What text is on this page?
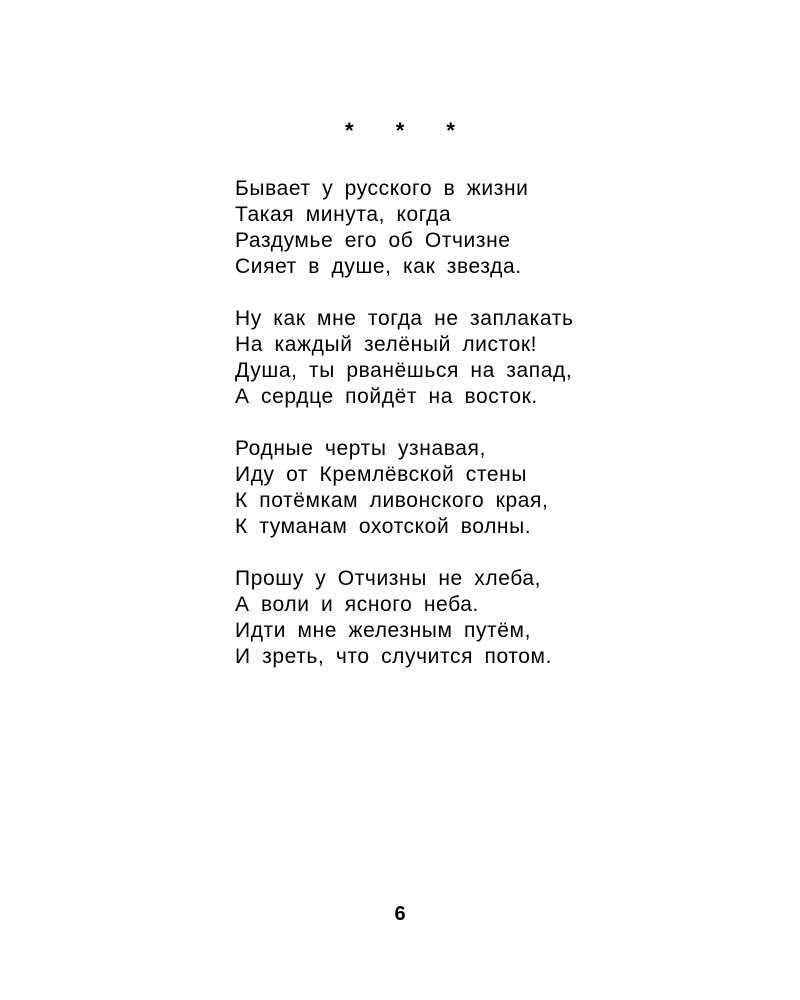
* * *
Бывает у русского в жизни
Такая минута, когда
Раздумье его об Отчизне
Сияет в душе, как звезда.
Ну как мне тогда не заплакать
На каждый зелёный листок!
Душа, ты рванёшься на запад,
А сердце пойдёт на восток.
Родные черты узнавая,
Иду от Кремлёвской стены
К потёмкам ливонского края,
К туманам охотской волны.
Прошу у Отчизны не хлеба,
А воли и ясного неба.
Идти мне железным путём,
И зреть, что случится потом.
6
